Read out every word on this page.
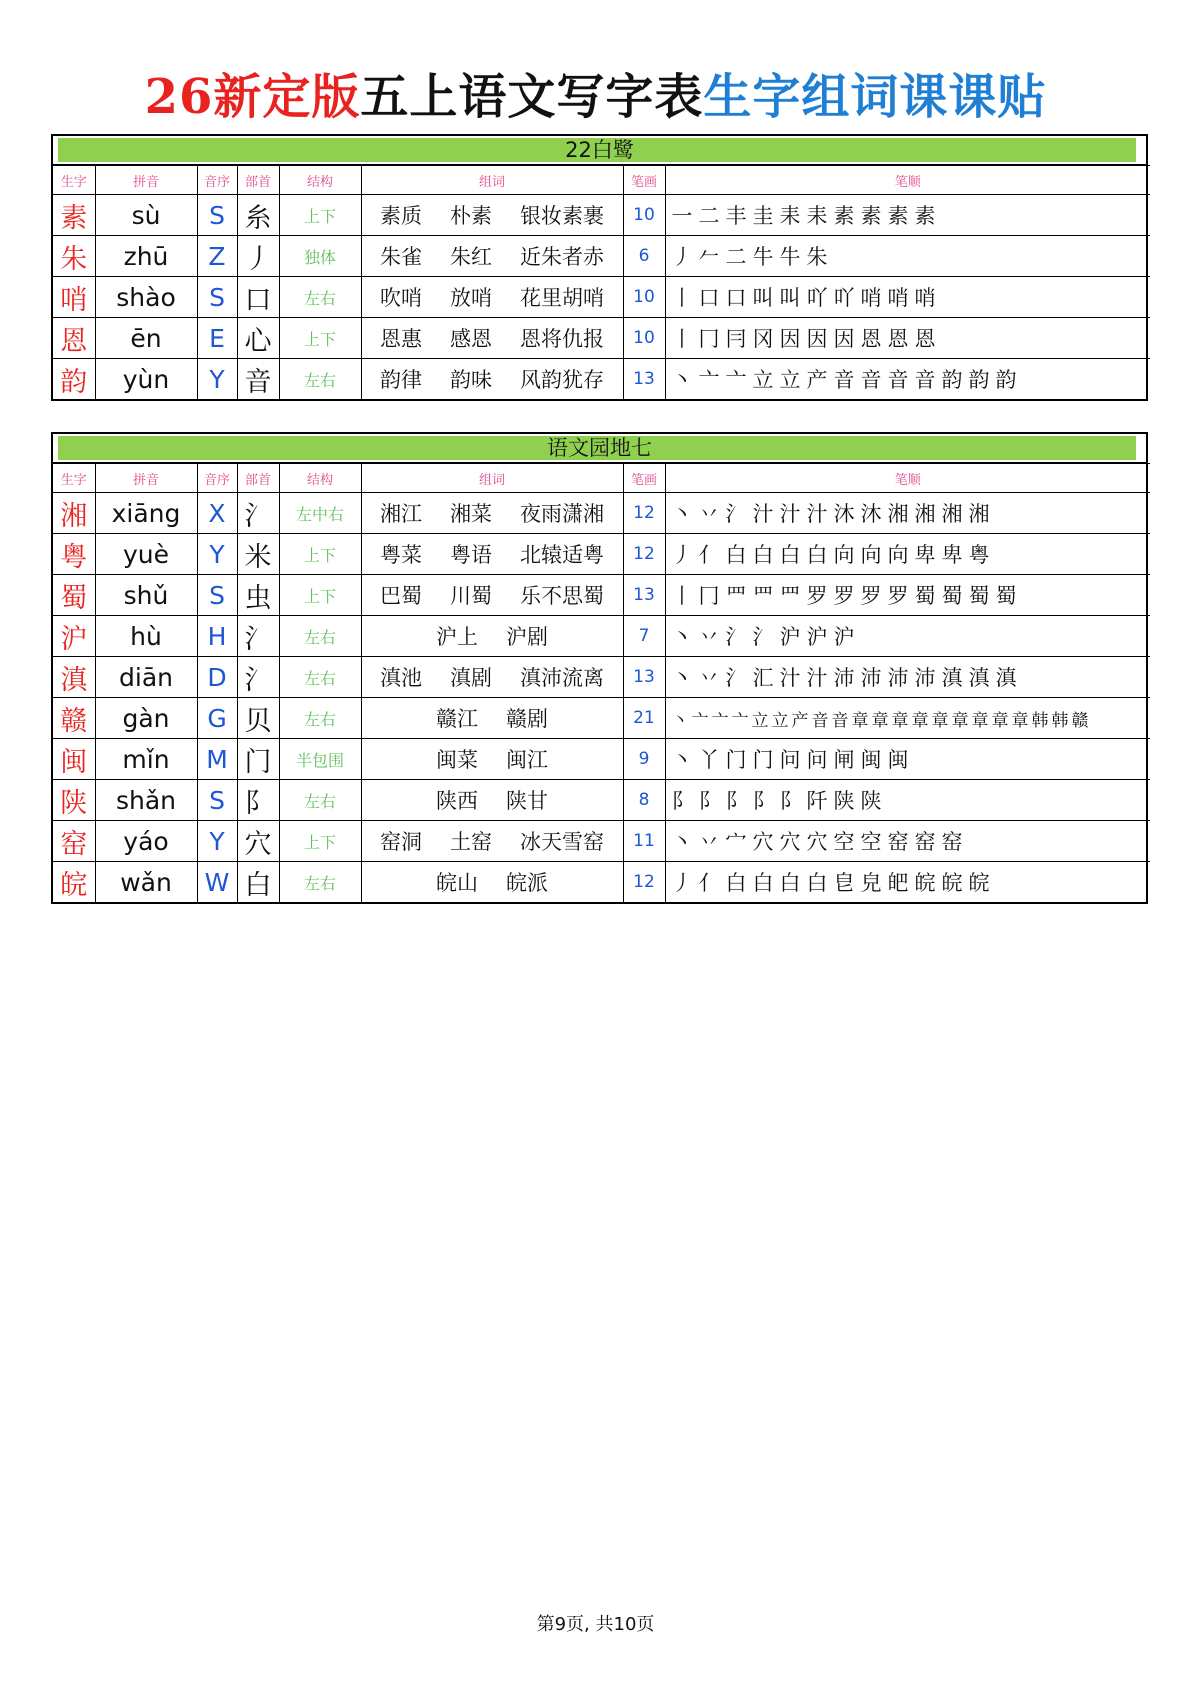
26新定版五上语文写字表生字组词课课贴
22白鹭
生字	拼音	音序	部首	结构	组词	笔画	笔顺
素	sù	S	糸	上下	素质 朴素 银妆素裹	10	一 二 丰 圭 耒 耒 素 素 素 素
朱	zhū	Z	丿	独体	朱雀 朱红 近朱者赤	6	丿 𠂉 二 牛 牛 朱
哨	shào	S	口	左右	吹哨 放哨 花里胡哨	10	丨 口 口 叫 叫 吖 吖 哨 哨 哨
恩	ēn	E	心	上下	恩惠 感恩 恩将仇报	10	丨 冂 冃 冈 因 因 因 恩 恩 恩
韵	yùn	Y	音	左右	韵律 韵味 风韵犹存	13	丶 亠 亠 立 立 产 音 音 音 音 韵 韵 韵
语文园地七
生字	拼音	音序	部首	结构	组词	笔画	笔顺
湘	xiāng	X	氵	左中右	湘江 湘菜 夜雨潇湘	12	丶 丷 氵 汁 汁 汁 沐 沐 湘 湘 湘 湘
粤	yuè	Y	米	上下	粤菜 粤语 北辕适粤	12	丿 亻 白 白 白 白 向 向 向 卑 卑 粤
蜀	shǔ	S	虫	上下	巴蜀 川蜀 乐不思蜀	13	丨 冂 罒 罒 罒 罗 罗 罗 罗 蜀 蜀 蜀 蜀
沪	hù	H	氵	左右	沪上 沪剧	7	丶 丷 氵 氵 沪 沪 沪
滇	diān	D	氵	左右	滇池 滇剧 滇沛流离	13	丶 丷 氵 汇 汁 汁 沛 沛 沛 沛 滇 滇 滇
赣	gàn	G	贝	左右	赣江 赣剧	21	丶 亠 亠 亠 立 立 产 音 音 章 章 章 章 章 章 章 章 章 韩 韩 赣
闽	mǐn	M	门	半包围	闽菜 闽江	9	丶 丫 门 门 问 问 闸 闽 闽
陕	shǎn	S	阝	左右	陕西 陕甘	8	阝 阝 阝 阝 阝 阡 陕 陕
窑	yáo	Y	穴	上下	窑洞 土窑 冰天雪窑	11	丶 丷 宀 穴 穴 穴 空 空 窑 窑 窑
皖	wǎn	W	白	左右	皖山 皖派	12	丿 亻 白 白 白 白 皀 皃 皅 皖 皖 皖
第9页, 共10页
